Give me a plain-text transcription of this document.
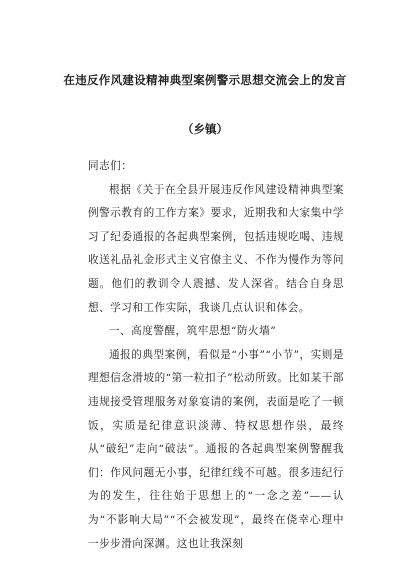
在违反作风建设精神典型案例警示思想交流会上的发言
（乡镇）

同志们：

根据《关于在全县开展违反作风建设精神典型案例警示教育的工作方案》要求，近期我和大家集中学习了纪委通报的各起典型案例，包括违规吃喝、违规收送礼品礼金形式主义官僚主义、不作为慢作为等问题。他们的教训令人震撼、发人深省。结合自身思想、学习和工作实际，我谈几点认识和体会。

一、高度警醒，筑牢思想“防火墙”

通报的典型案例，看似是“小事”“小节”，实则是理想信念滑坡的“第一粒扣子”松动所致。比如某干部违规接受管理服务对象宴请的案例，表面是吃了一顿饭，实质是纪律意识淡薄、特权思想作祟，最终从“破纪”走向“破法”。通报的各起典型案例警醒我们：作风问题无小事，纪律红线不可越。很多违纪行为的发生，往往始于思想上的“一念之差”——认为“不影响大局”“不会被发现”，最终在侥幸心理中一步步滑向深渊。这也让我深刻
